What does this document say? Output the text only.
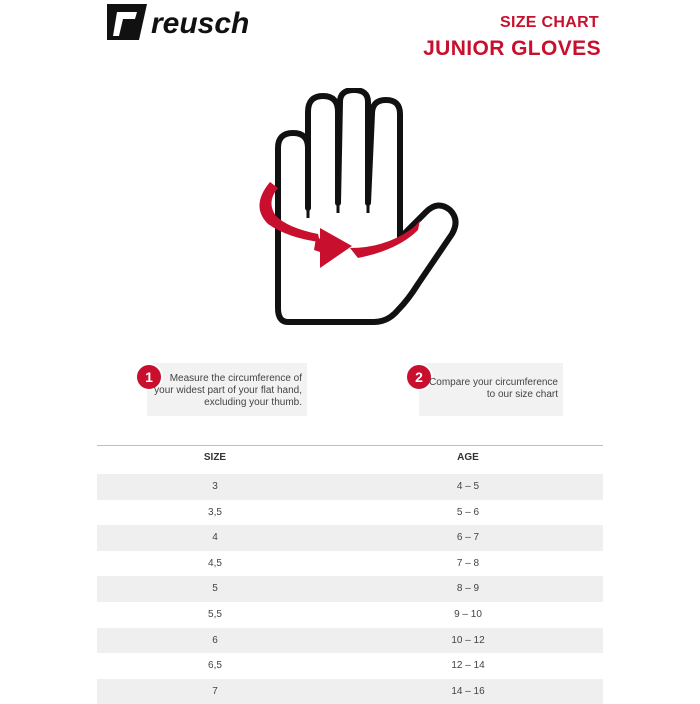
reusch	SIZE CHART
JUNIOR GLOVES
1	Measure the circumference of
your widest part of your flat hand,
excluding your thumb.
2 Compare your circumference
to our size chart
SIZE	AGE
3	4 – 5
3,5	5 – 6
4	6 – 7
4,5	7 – 8
5	8 – 9
5,5	9 – 10
6	10 – 12
6,5	12 – 14
7	14 – 16
